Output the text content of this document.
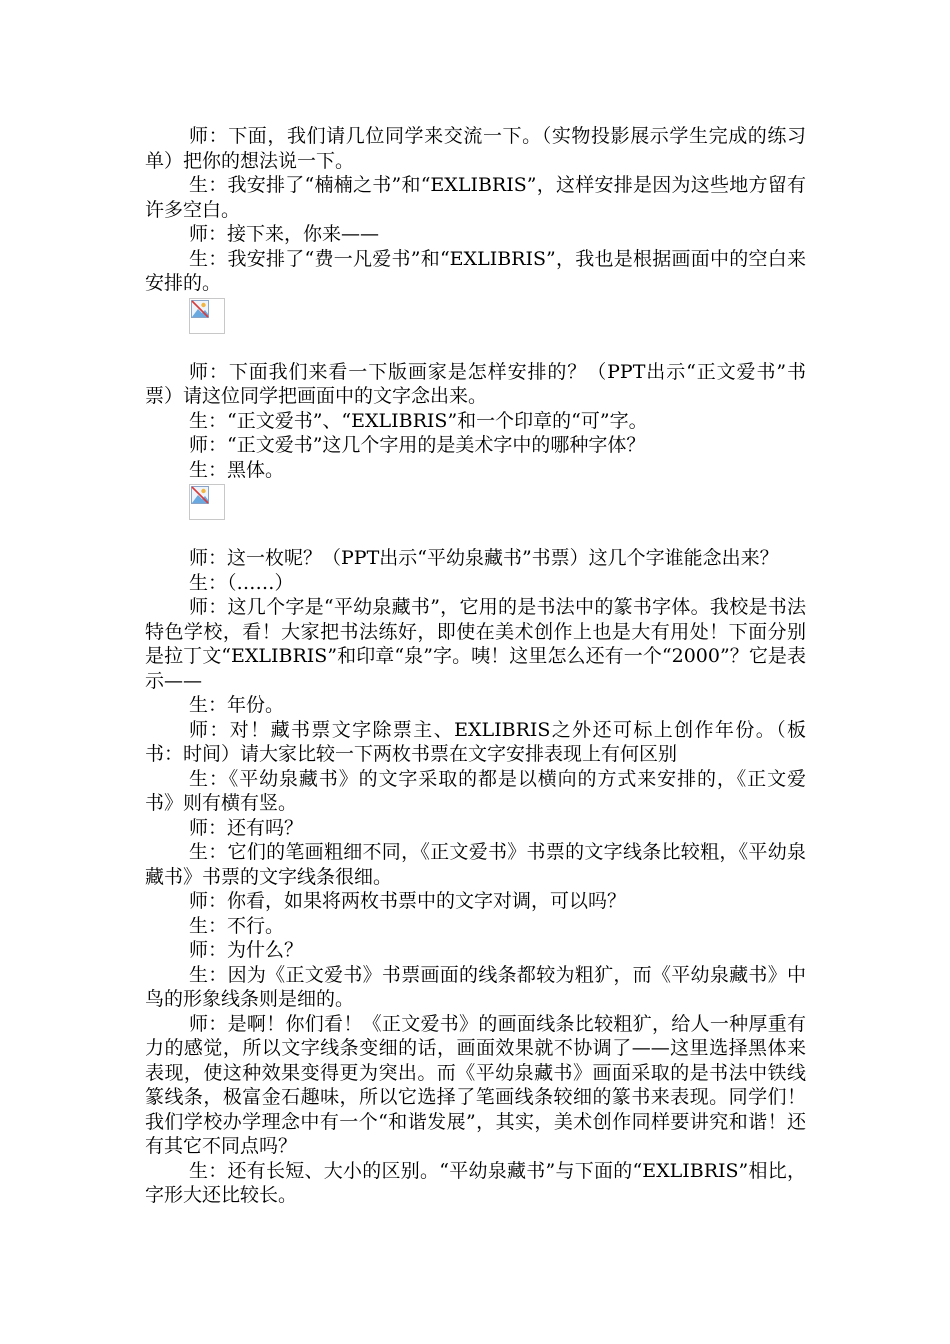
师：下面，我们请几位同学来交流一下。（实物投影展示学生完成的练习单）把你的想法说一下。

生：我安排了“楠楠之书”和“EXLIBRIS”，这样安排是因为这些地方留有许多空白。

师：接下来，你来——

生：我安排了“费一凡爱书”和“EXLIBRIS”，我也是根据画面中的空白来安排的。

师：下面我们来看一下版画家是怎样安排的？（PPT出示“正文爱书”书票）请这位同学把画面中的文字念出来。

生：“正文爱书”、“EXLIBRIS”和一个印章的“可”字。

师：“正文爱书”这几个字用的是美术字中的哪种字体？

生：黑体。

师：这一枚呢？（PPT出示“平幼泉藏书”书票）这几个字谁能念出来？

生：（……）

师：这几个字是“平幼泉藏书”，它用的是书法中的篆书字体。我校是书法特色学校，看！大家把书法练好，即使在美术创作上也是大有用处！下面分别是拉丁文“EXLIBRIS”和印章“泉”字。咦！这里怎么还有一个“2000”？它是表示——

生：年份。

师：对！藏书票文字除票主、EXLIBRIS之外还可标上创作年份。（板书：时间）请大家比较一下两枚书票在文字安排表现上有何区别

生：《平幼泉藏书》的文字采取的都是以横向的方式来安排的，《正文爱书》则有横有竖。

师：还有吗？

生：它们的笔画粗细不同，《正文爱书》书票的文字线条比较粗，《平幼泉藏书》书票的文字线条很细。

师：你看，如果将两枚书票中的文字对调，可以吗？

生：不行。

师：为什么？

生：因为《正文爱书》书票画面的线条都较为粗犷，而《平幼泉藏书》中鸟的形象线条则是细的。

师：是啊！你们看！《正文爱书》的画面线条比较粗犷，给人一种厚重有力的感觉，所以文字线条变细的话，画面效果就不协调了——这里选择黑体来表现，使这种效果变得更为突出。而《平幼泉藏书》画面采取的是书法中铁线篆线条，极富金石趣味，所以它选择了笔画线条较细的篆书来表现。同学们！我们学校办学理念中有一个“和谐发展”，其实，美术创作同样要讲究和谐！还有其它不同点吗？

生：还有长短、大小的区别。“平幼泉藏书”与下面的“EXLIBRIS”相比，字形大还比较长。
